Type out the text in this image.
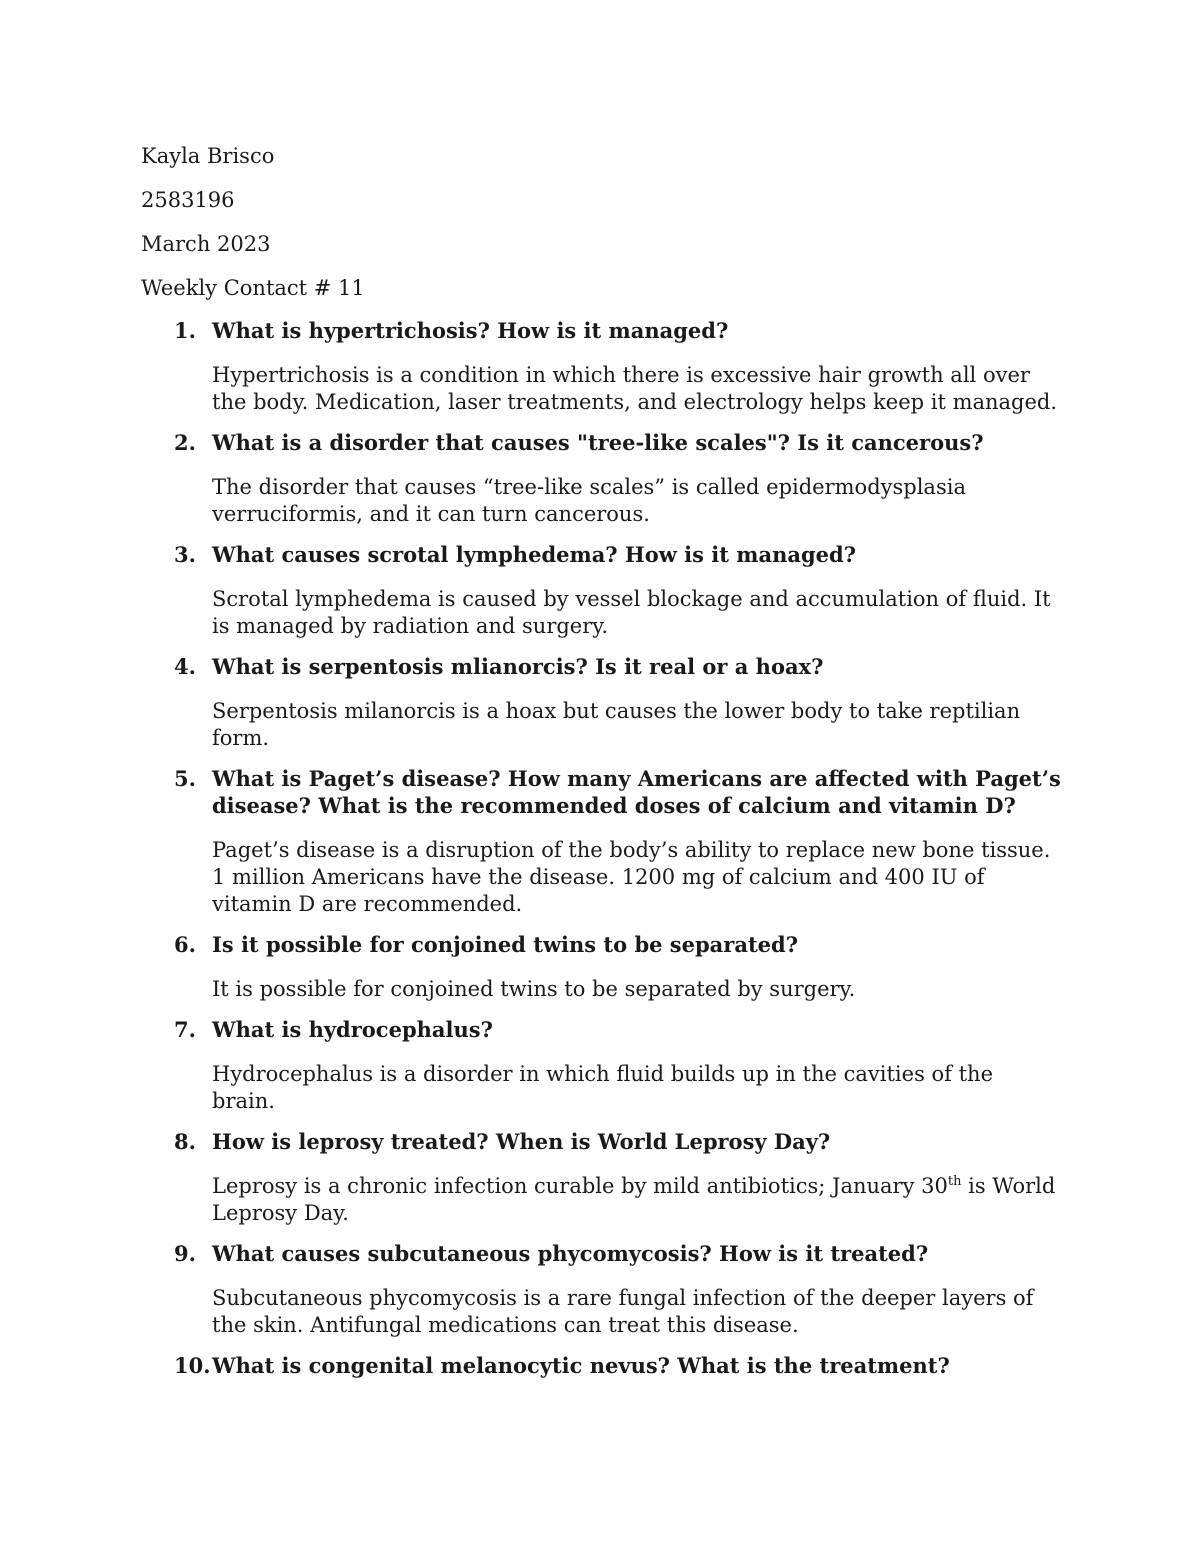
Kayla Brisco

2583196

March 2023

Weekly Contact # 11

1. What is hypertrichosis? How is it managed?

Hypertrichosis is a condition in which there is excessive hair growth all over the body. Medication, laser treatments, and electrology helps keep it managed.

2. What is a disorder that causes "tree-like scales"? Is it cancerous?

The disorder that causes “tree-like scales” is called epidermodysplasia verruciformis, and it can turn cancerous.

3. What causes scrotal lymphedema? How is it managed?

Scrotal lymphedema is caused by vessel blockage and accumulation of fluid. It is managed by radiation and surgery.

4. What is serpentosis mlianorcis? Is it real or a hoax?

Serpentosis milanorcis is a hoax but causes the lower body to take reptilian form.

5. What is Paget’s disease? How many Americans are affected with Paget’s disease? What is the recommended doses of calcium and vitamin D?

Paget’s disease is a disruption of the body’s ability to replace new bone tissue. 1 million Americans have the disease. 1200 mg of calcium and 400 IU of vitamin D are recommended.

6. Is it possible for conjoined twins to be separated?

It is possible for conjoined twins to be separated by surgery.

7. What is hydrocephalus?

Hydrocephalus is a disorder in which fluid builds up in the cavities of the brain.

8. How is leprosy treated? When is World Leprosy Day?

Leprosy is a chronic infection curable by mild antibiotics; January 30th is World Leprosy Day.

9. What causes subcutaneous phycomycosis? How is it treated?

Subcutaneous phycomycosis is a rare fungal infection of the deeper layers of the skin. Antifungal medications can treat this disease.

10. What is congenital melanocytic nevus? What is the treatment?
